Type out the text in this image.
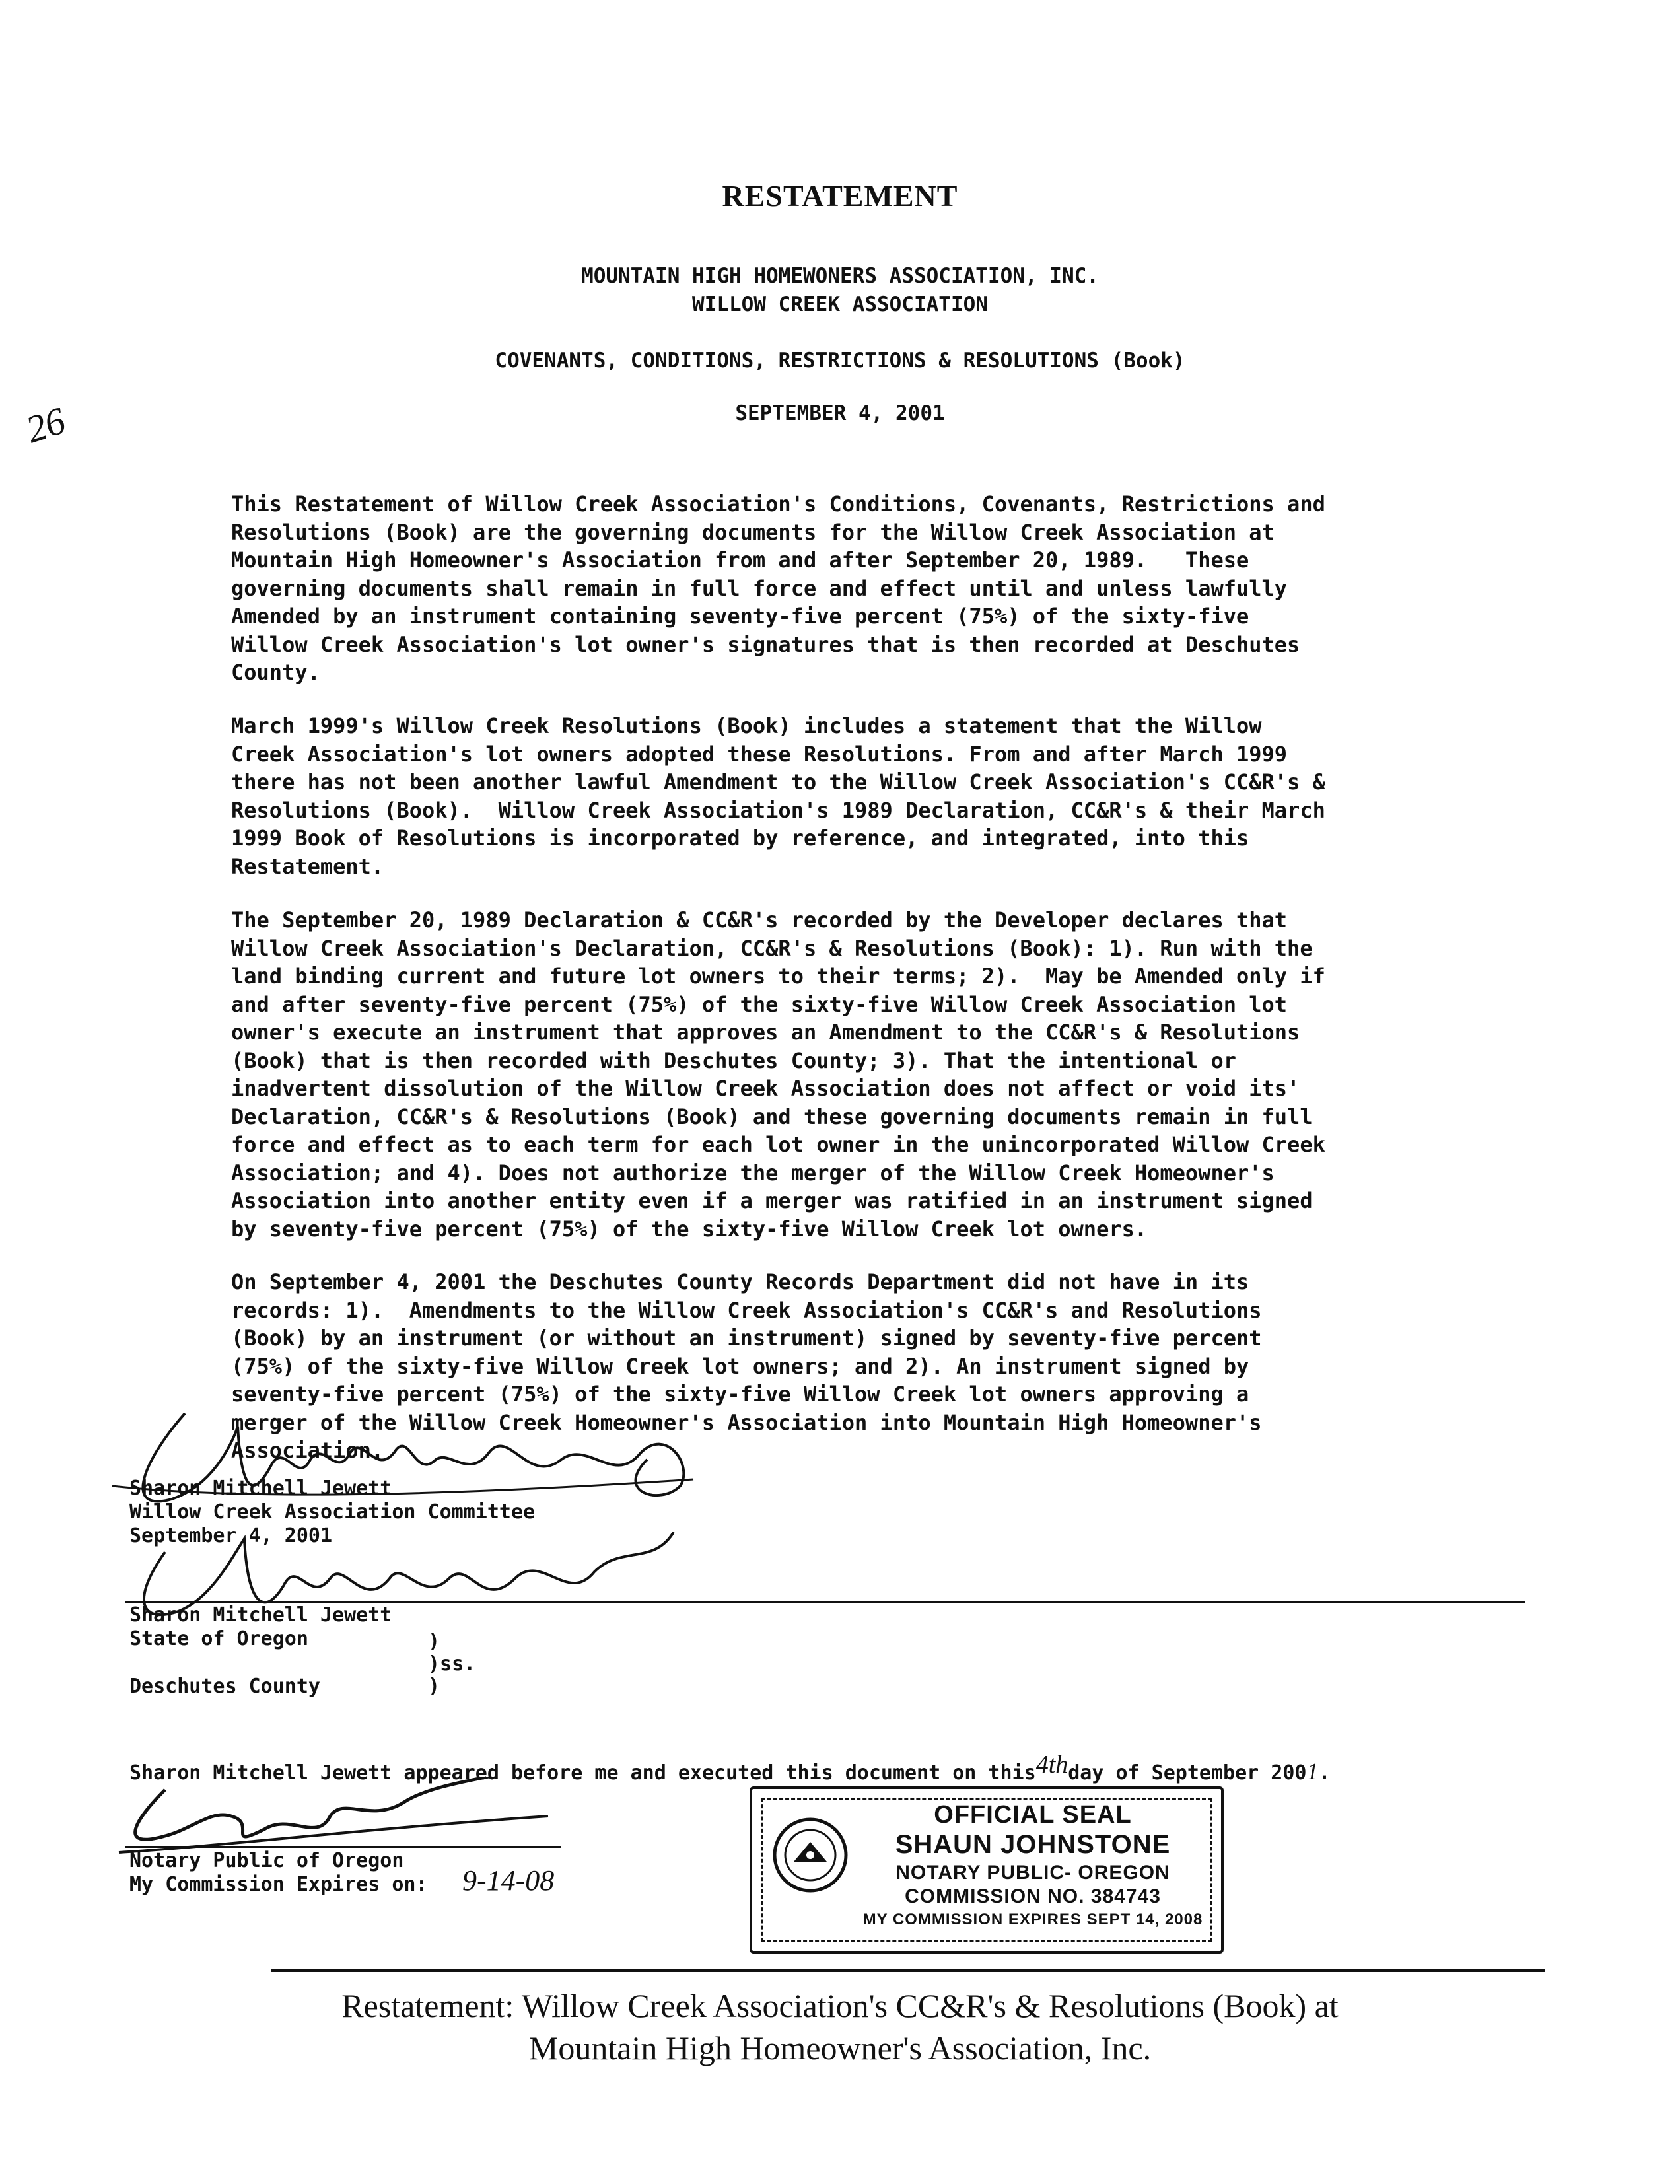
26
RESTATEMENT
MOUNTAIN HIGH HOMEWONERS ASSOCIATION, INC.
WILLOW CREEK ASSOCIATION
COVENANTS, CONDITIONS, RESTRICTIONS & RESOLUTIONS (Book)
SEPTEMBER 4, 2001
This Restatement of Willow Creek Association's Conditions, Covenants, Restrictions and
Resolutions (Book) are the governing documents for the Willow Creek Association at
Mountain High Homeowner's Association from and after September 20, 1989.   These
governing documents shall remain in full force and effect until and unless lawfully
Amended by an instrument containing seventy-five percent (75%) of the sixty-five
Willow Creek Association's lot owner's signatures that is then recorded at Deschutes
County.
March 1999's Willow Creek Resolutions (Book) includes a statement that the Willow
Creek Association's lot owners adopted these Resolutions. From and after March 1999
there has not been another lawful Amendment to the Willow Creek Association's CC&R's &
Resolutions (Book).  Willow Creek Association's 1989 Declaration, CC&R's & their March
1999 Book of Resolutions is incorporated by reference, and integrated, into this
Restatement.
The September 20, 1989 Declaration & CC&R's recorded by the Developer declares that
Willow Creek Association's Declaration, CC&R's & Resolutions (Book): 1). Run with the
land binding current and future lot owners to their terms; 2).  May be Amended only if
and after seventy-five percent (75%) of the sixty-five Willow Creek Association lot
owner's execute an instrument that approves an Amendment to the CC&R's & Resolutions
(Book) that is then recorded with Deschutes County; 3). That the intentional or
inadvertent dissolution of the Willow Creek Association does not affect or void its'
Declaration, CC&R's & Resolutions (Book) and these governing documents remain in full
force and effect as to each term for each lot owner in the unincorporated Willow Creek
Association; and 4). Does not authorize the merger of the Willow Creek Homeowner's
Association into another entity even if a merger was ratified in an instrument signed
by seventy-five percent (75%) of the sixty-five Willow Creek lot owners.
On September 4, 2001 the Deschutes County Records Department did not have in its
records: 1).  Amendments to the Willow Creek Association's CC&R's and Resolutions
(Book) by an instrument (or without an instrument) signed by seventy-five percent
(75%) of the sixty-five Willow Creek lot owners; and 2). An instrument signed by
seventy-five percent (75%) of the sixty-five Willow Creek lot owners approving a
merger of the Willow Creek Homeowner's Association into Mountain High Homeowner's
Association.
Sharon Mitchell Jewett
Willow Creek Association Committee
September 4, 2001
Sharon Mitchell Jewett
State of Oregon	)
)ss.
Deschutes County	)
Sharon Mitchell Jewett appeared before me and executed this document on this4thday of September 2001.
Notary Public of Oregon
My Commission Expires on: 9-14-08
OFFICIAL SEAL
SHAUN JOHNSTONE
NOTARY PUBLIC- OREGON
COMMISSION NO. 384743
MY COMMISSION EXPIRES SEPT 14, 2008
Restatement: Willow Creek Association's CC&R's & Resolutions (Book) at
Mountain High Homeowner's Association, Inc.
